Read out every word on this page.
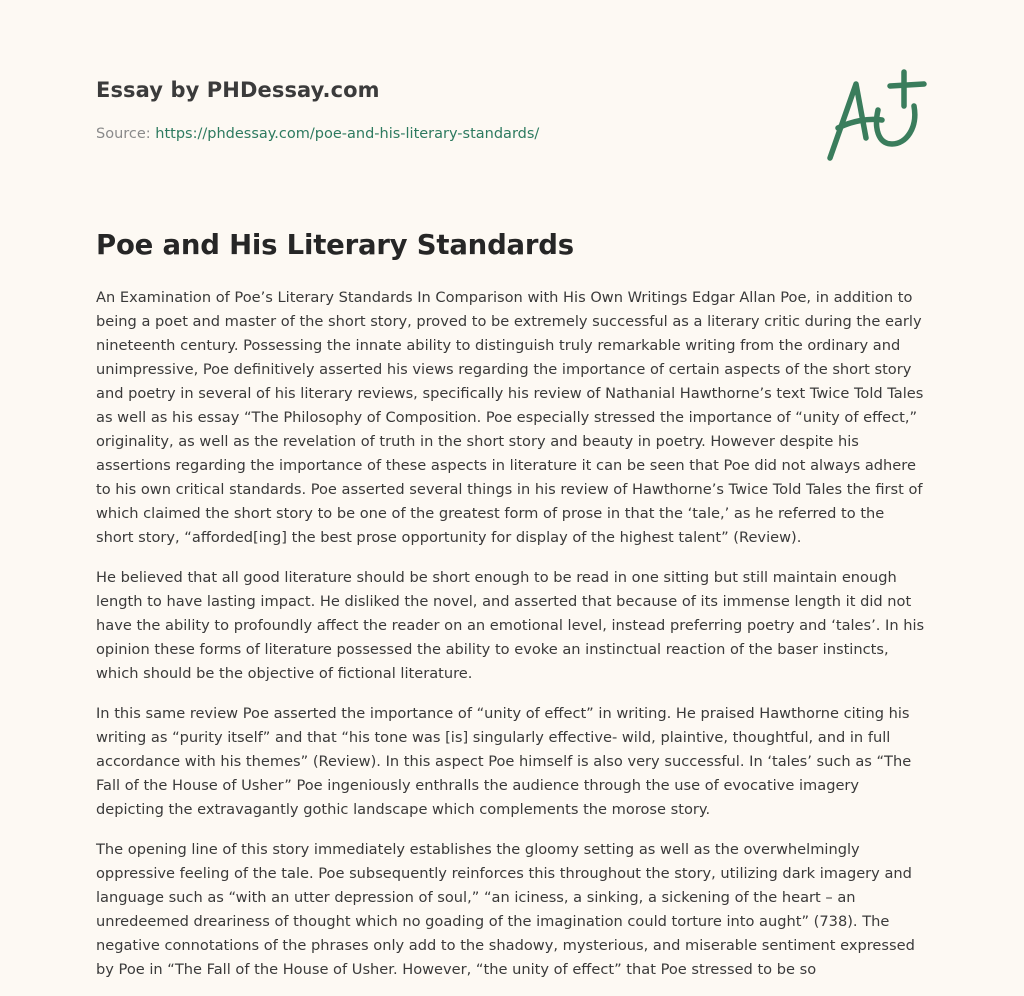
Essay by PHDessay.com
Source: https://phdessay.com/poe-and-his-literary-standards/
Poe and His Literary Standards

An Examination of Poe’s Literary Standards In Comparison with His Own Writings Edgar Allan Poe, in addition to being a poet and master of the short story, proved to be extremely successful as a literary critic during the early nineteenth century. Possessing the innate ability to distinguish truly remarkable writing from the ordinary and unimpressive, Poe definitively asserted his views regarding the importance of certain aspects of the short story and poetry in several of his literary reviews, specifically his review of Nathanial Hawthorne’s text Twice Told Tales as well as his essay “The Philosophy of Composition. Poe especially stressed the importance of “unity of effect,” originality, as well as the revelation of truth in the short story and beauty in poetry. However despite his assertions regarding the importance of these aspects in literature it can be seen that Poe did not always adhere to his own critical standards. Poe asserted several things in his review of Hawthorne’s Twice Told Tales the first of which claimed the short story to be one of the greatest form of prose in that the ‘tale,’ as he referred to the short story, “afforded[ing] the best prose opportunity for display of the highest talent” (Review).

He believed that all good literature should be short enough to be read in one sitting but still maintain enough length to have lasting impact. He disliked the novel, and asserted that because of its immense length it did not have the ability to profoundly affect the reader on an emotional level, instead preferring poetry and ‘tales’. In his opinion these forms of literature possessed the ability to evoke an instinctual reaction of the baser instincts, which should be the objective of fictional literature.

In this same review Poe asserted the importance of “unity of effect” in writing. He praised Hawthorne citing his writing as “purity itself” and that “his tone was [is] singularly effective- wild, plaintive, thoughtful, and in full accordance with his themes” (Review). In this aspect Poe himself is also very successful. In ‘tales’ such as “The Fall of the House of Usher” Poe ingeniously enthralls the audience through the use of evocative imagery depicting the extravagantly gothic landscape which complements the morose story.

The opening line of this story immediately establishes the gloomy setting as well as the overwhelmingly oppressive feeling of the tale. Poe subsequently reinforces this throughout the story, utilizing dark imagery and language such as “with an utter depression of soul,” “an iciness, a sinking, a sickening of the heart – an unredeemed dreariness of thought which no goading of the imagination could torture into aught” (738). The negative connotations of the phrases only add to the shadowy, mysterious, and miserable sentiment expressed by Poe in “The Fall of the House of Usher. However, “the unity of effect” that Poe stressed to be so
